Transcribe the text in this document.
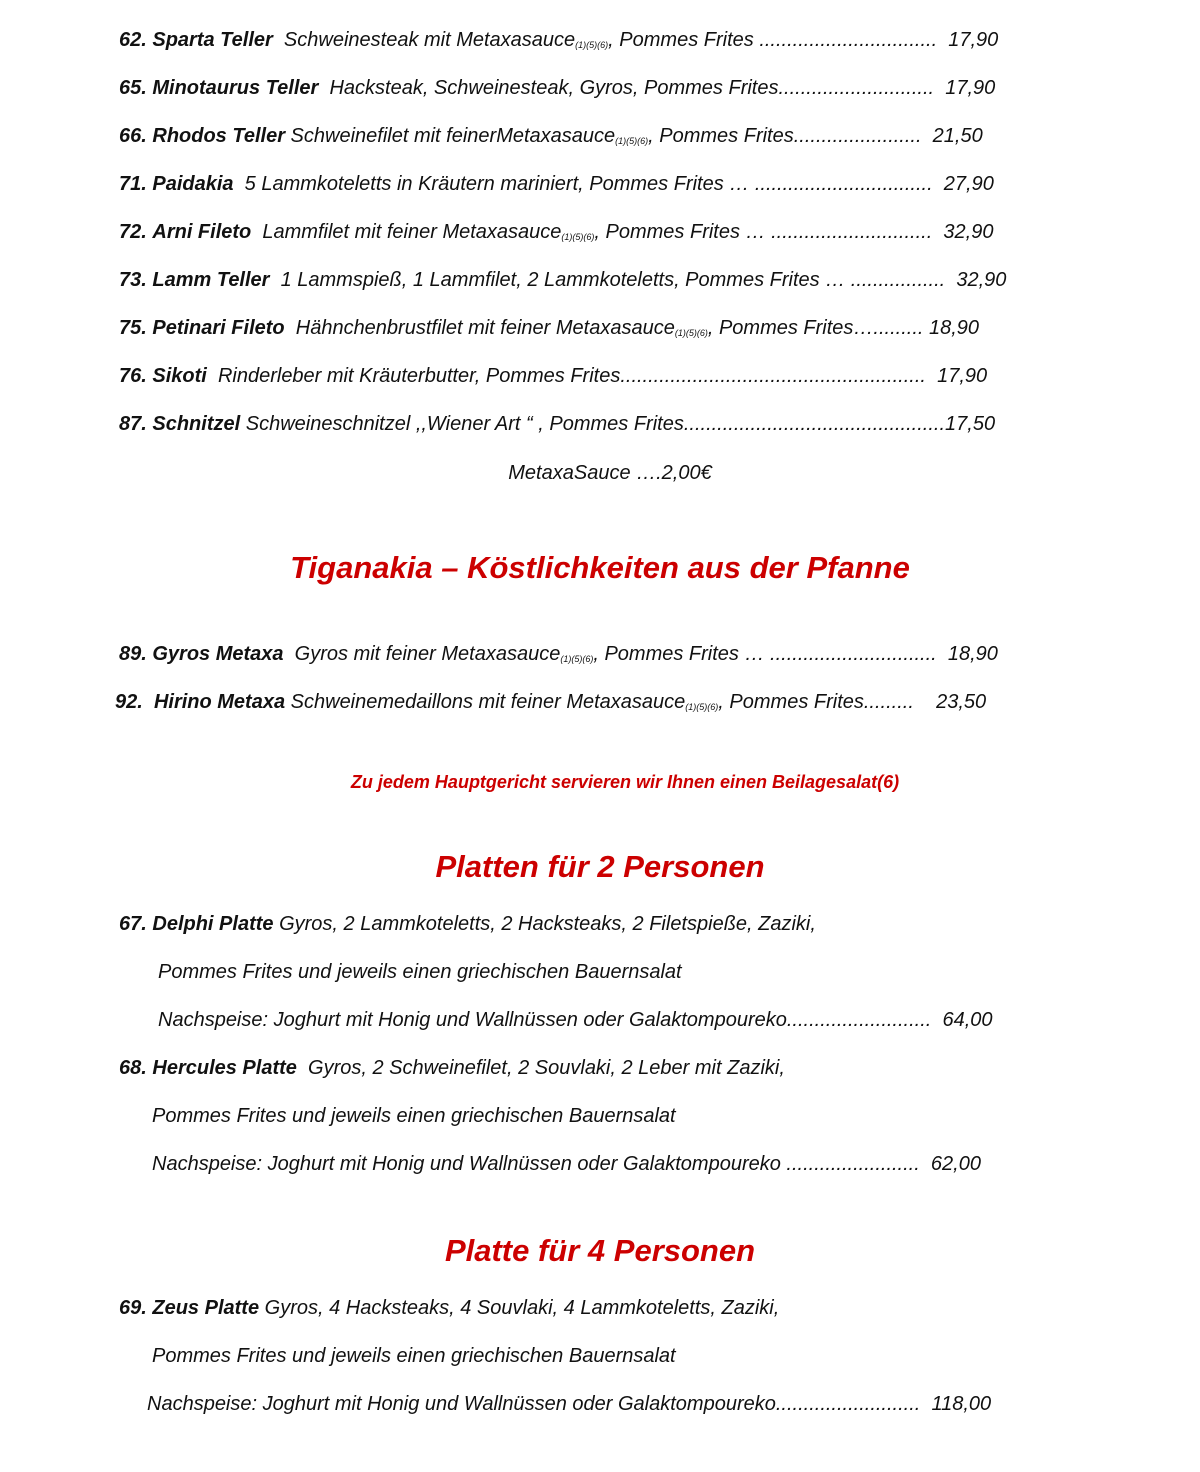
62. Sparta Teller Schweinesteak mit Metaxasauce$_{(1)(5)(6)}$, Pommes Frites ................................ 17,90
65. Minotaurus Teller Hacksteak, Schweinesteak, Gyros, Pommes Frites............................ 17,90
66. Rhodos Teller Schweinefilet mit feinerMetaxasauce$_{(1)(5)(6)}$, Pommes Frites....................... 21,50
71. Paidakia 5 Lammkoteletts in Kräutern mariniert, Pommes Frites … ................................ 27,90
72. Arni Fileto Lammfilet mit feiner Metaxasauce$_{(1)(5)(6)}$, Pommes Frites … ............................. 32,90
73. Lamm Teller 1 Lammspieß, 1 Lammfilet, 2 Lammkoteletts, Pommes Frites … ................. 32,90
75. Petinari Fileto Hähnchenbrustfilet mit feiner Metaxasauce$_{(1)(5)(6)}$, Pommes Frites…......... 18,90
76. Sikoti Rinderleber mit Kräuterbutter, Pommes Frites....................................................... 17,90
87. Schnitzel Schweineschnitzel ,,Wiener Art “ , Pommes Frites...............................................17,50
MetaxaSauce ….2,00€
Tiganakia – Köstlichkeiten aus der Pfanne
89. Gyros Metaxa Gyros mit feiner Metaxasauce$_{(1)(5)(6)}$, Pommes Frites … .............................. 18,90
92. Hirino Metaxa Schweinemedaillons mit feiner Metaxasauce$_{(1)(5)(6)}$, Pommes Frites......... 23,50
Zu jedem Hauptgericht servieren wir Ihnen einen Beilagesalat(6)
Platten für 2 Personen
67. Delphi Platte Gyros, 2 Lammkoteletts, 2 Hacksteaks, 2 Filetspieße, Zaziki,
Pommes Frites und jeweils einen griechischen Bauernsalat
Nachspeise: Joghurt mit Honig und Wallnüssen oder Galaktompoureko.......................... 64,00
68. Hercules Platte Gyros, 2 Schweinefilet, 2 Souvlaki, 2 Leber mit Zaziki,
Pommes Frites und jeweils einen griechischen Bauernsalat
Nachspeise: Joghurt mit Honig und Wallnüssen oder Galaktompoureko ........................ 62,00
Platte für 4 Personen
69. Zeus Platte Gyros, 4 Hacksteaks, 4 Souvlaki, 4 Lammkoteletts, Zaziki,
Pommes Frites und jeweils einen griechischen Bauernsalat
Nachspeise: Joghurt mit Honig und Wallnüssen oder Galaktompoureko.......................... 118,00
